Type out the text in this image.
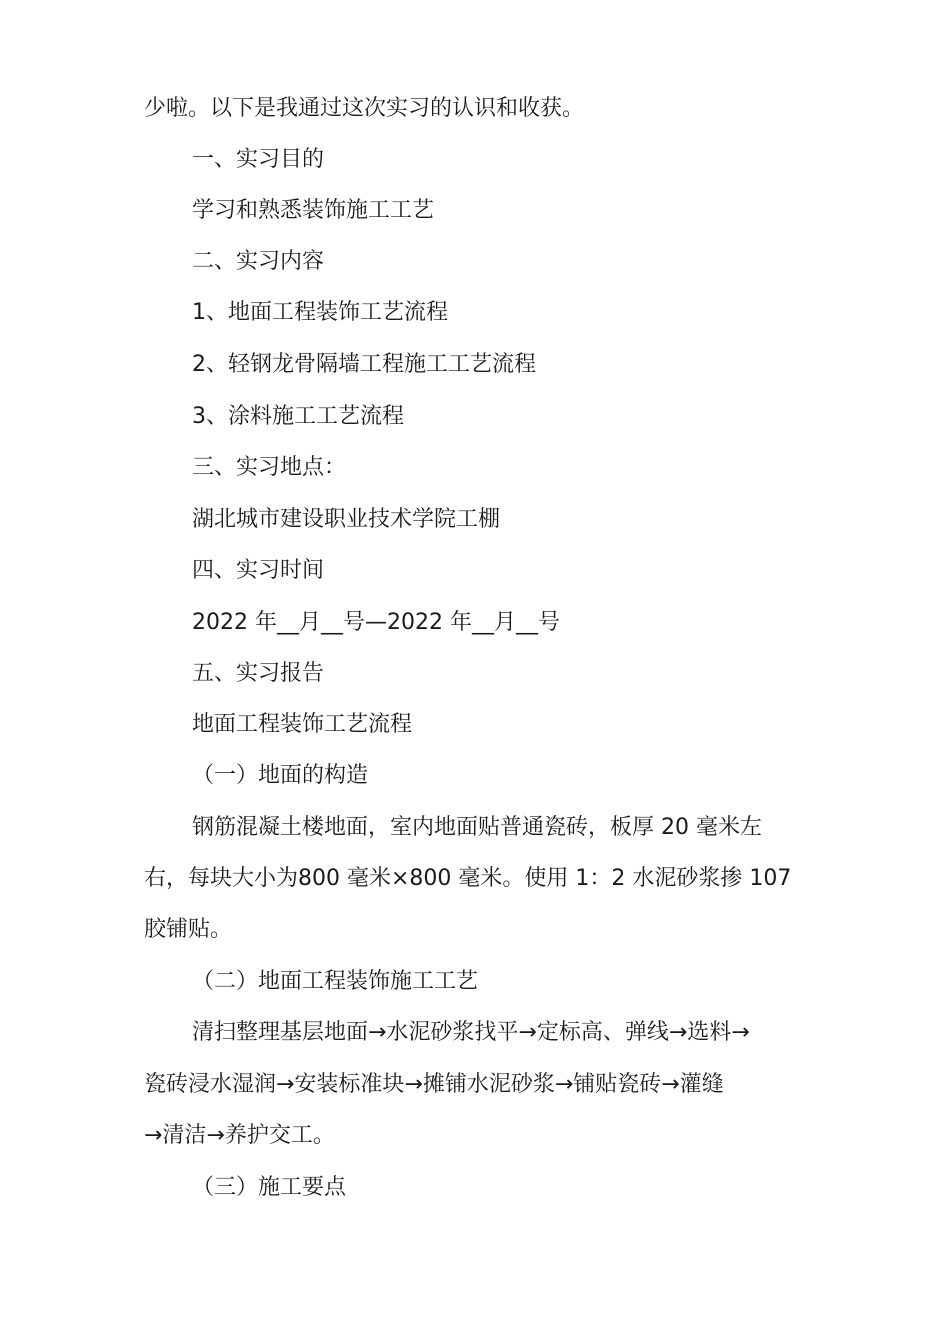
少啦。以下是我通过这次实习的认识和收获。
一、实习目的
学习和熟悉装饰施工工艺
二、实习内容
1、地面工程装饰工艺流程
2、轻钢龙骨隔墙工程施工工艺流程
3、涂料施工工艺流程
三、实习地点：
湖北城市建设职业技术学院工棚
四、实习时间
2022 年__月__号—2022 年__月__号
五、实习报告
地面工程装饰工艺流程
（一）地面的构造
钢筋混凝土楼地面，室内地面贴普通瓷砖，板厚 20 毫米左
右，每块大小为800 毫米×800 毫米。使用 1：2 水泥砂浆掺 107
胶铺贴。
（二）地面工程装饰施工工艺
清扫整理基层地面→水泥砂浆找平→定标高、弹线→选料→
瓷砖浸水湿润→安装标准块→摊铺水泥砂浆→铺贴瓷砖→灌缝
→清洁→养护交工。
（三）施工要点
